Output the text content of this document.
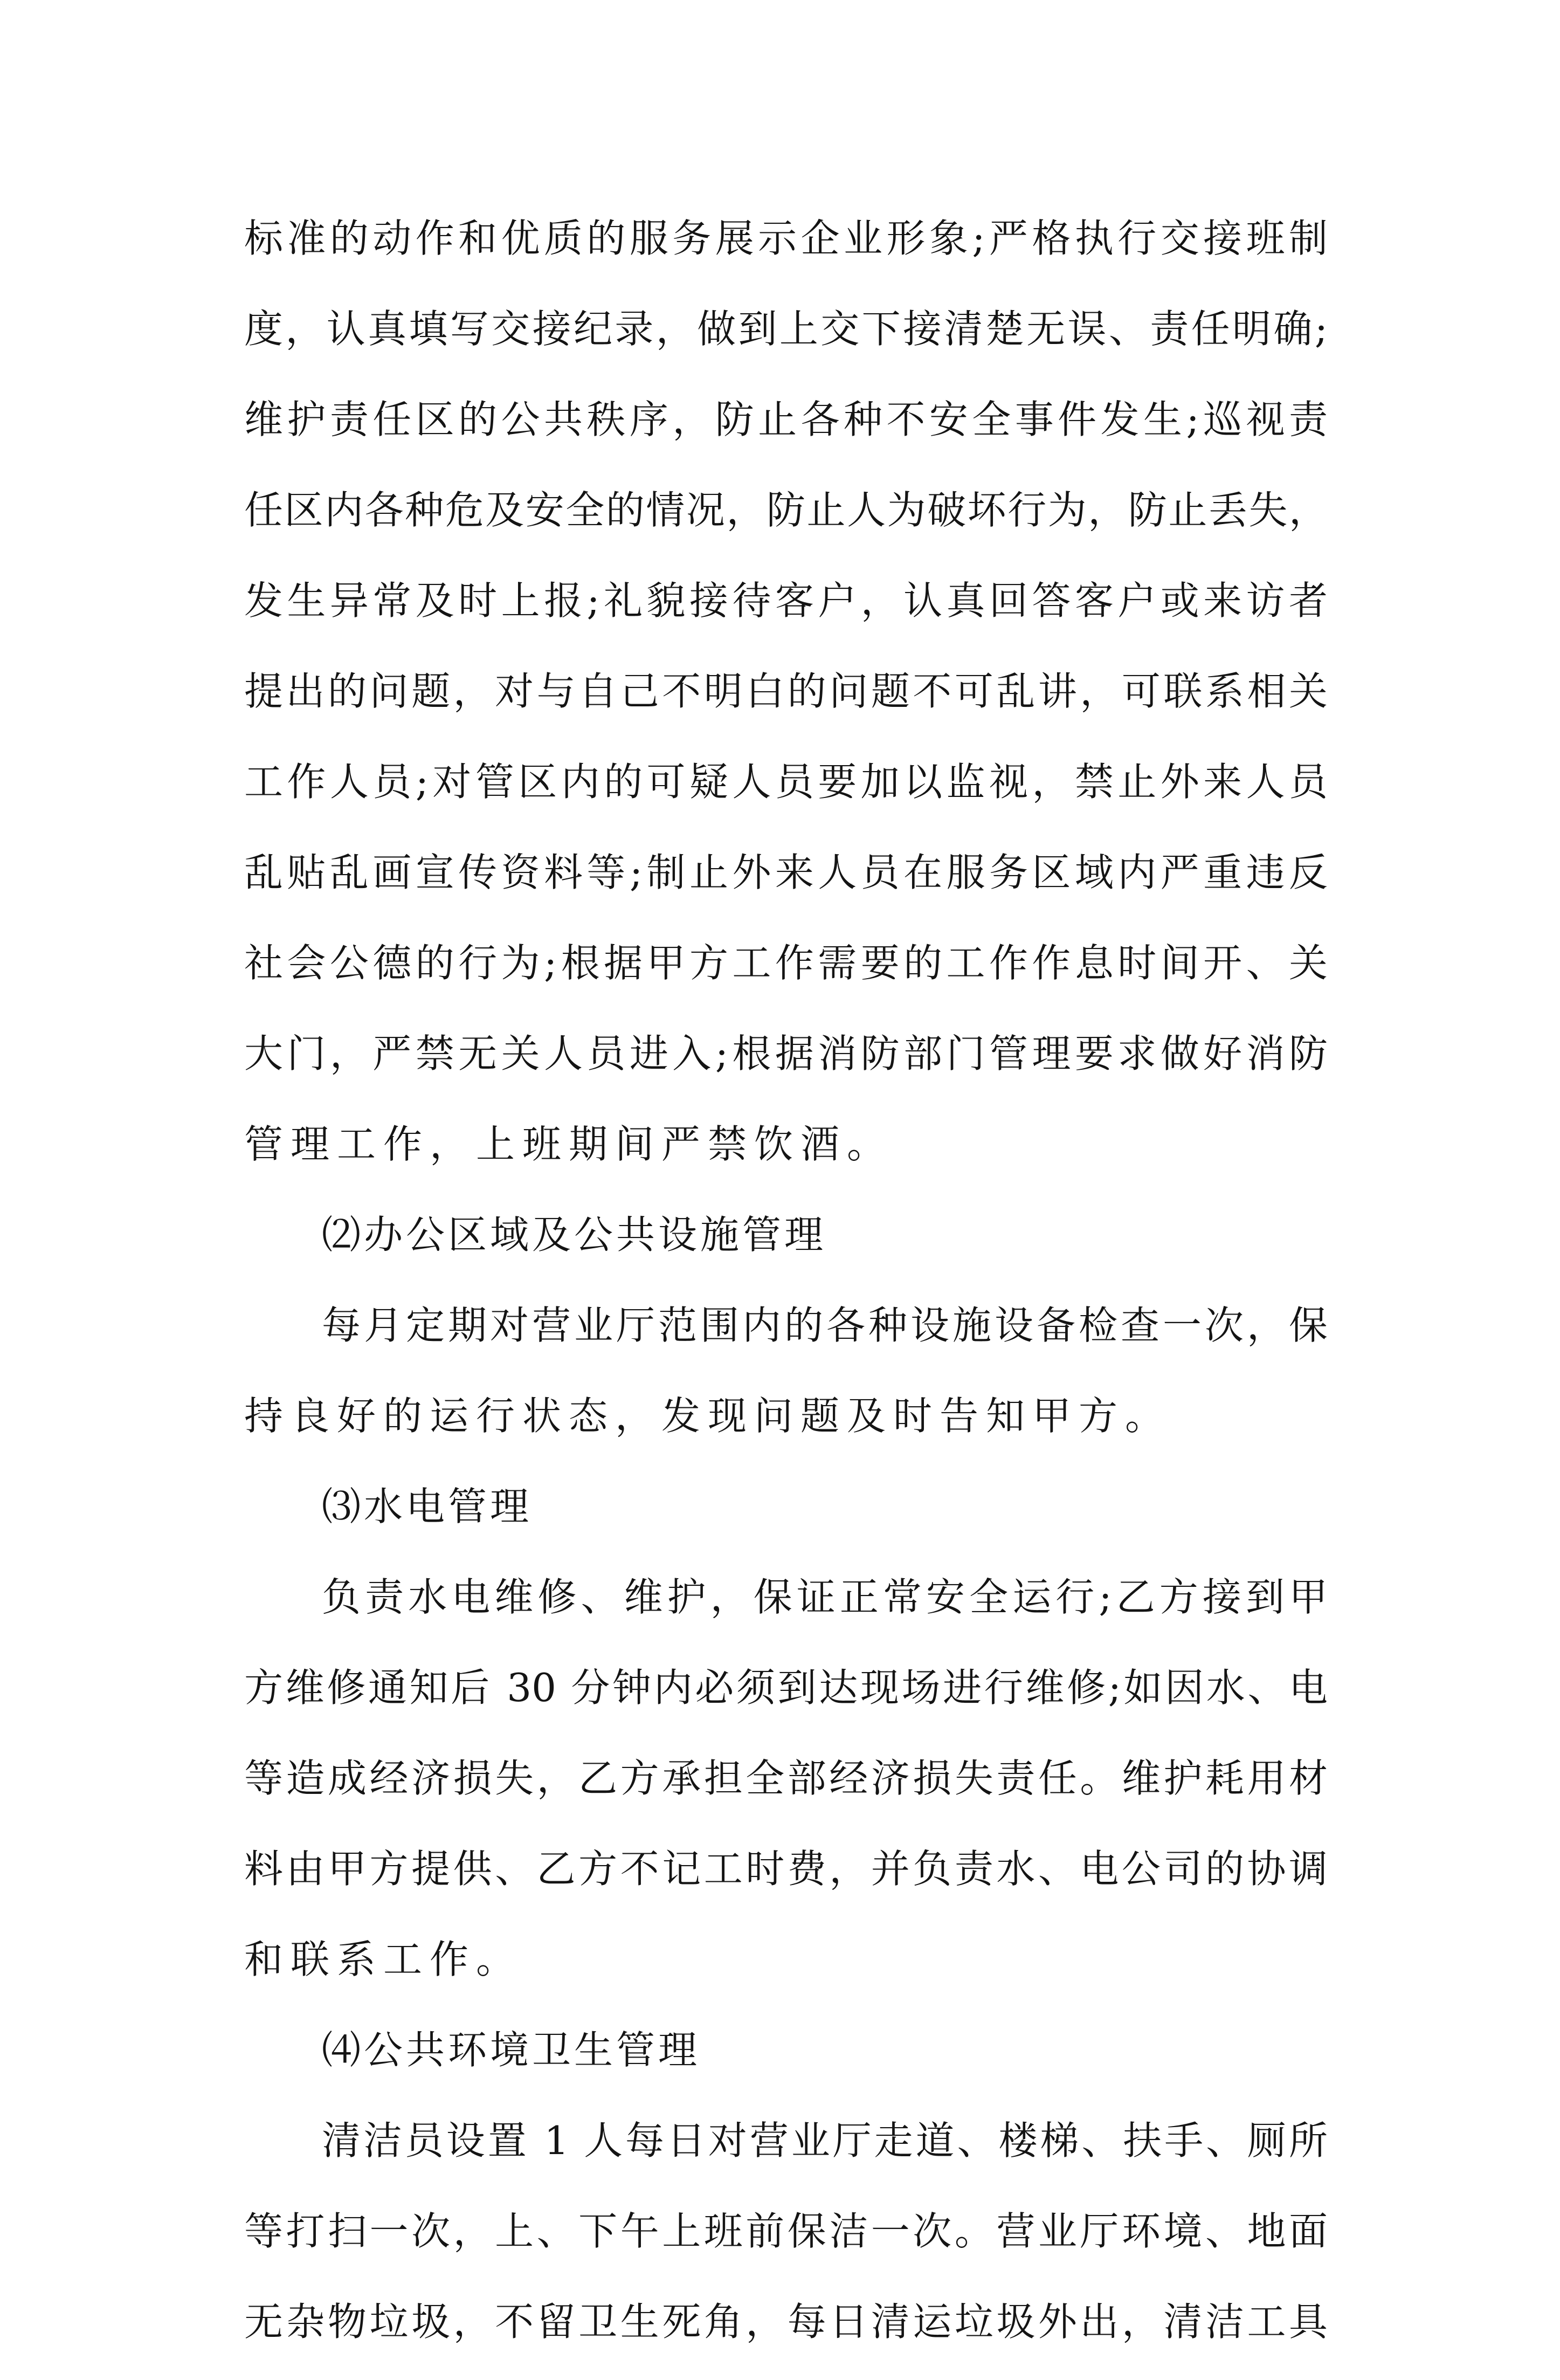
标准的动作和优质的服务展示企业形象;严格执行交接班制
度，认真填写交接纪录，做到上交下接清楚无误、责任明确;
维护责任区的公共秩序，防止各种不安全事件发生;巡视责
任区内各种危及安全的情况，防止人为破坏行为，防止丢失，
发生异常及时上报;礼貌接待客户，认真回答客户或来访者
提出的问题，对与自己不明白的问题不可乱讲，可联系相关
工作人员;对管区内的可疑人员要加以监视，禁止外来人员
乱贴乱画宣传资料等;制止外来人员在服务区域内严重违反
社会公德的行为;根据甲方工作需要的工作作息时间开、关
大门，严禁无关人员进入;根据消防部门管理要求做好消防
管理工作，上班期间严禁饮酒。
⑵办公区域及公共设施管理
每月定期对营业厅范围内的各种设施设备检查一次，保
持良好的运行状态，发现问题及时告知甲方。
⑶水电管理
负责水电维修、维护，保证正常安全运行;乙方接到甲
方维修通知后 30 分钟内必须到达现场进行维修;如因水、电
等造成经济损失，乙方承担全部经济损失责任。维护耗用材
料由甲方提供、乙方不记工时费，并负责水、电公司的协调
和联系工作。
⑷公共环境卫生管理
清洁员设置 1 人每日对营业厅走道、楼梯、扶手、厕所
等打扫一次，上、下午上班前保洁一次。营业厅环境、地面
无杂物垃圾，不留卫生死角，每日清运垃圾外出，清洁工具
